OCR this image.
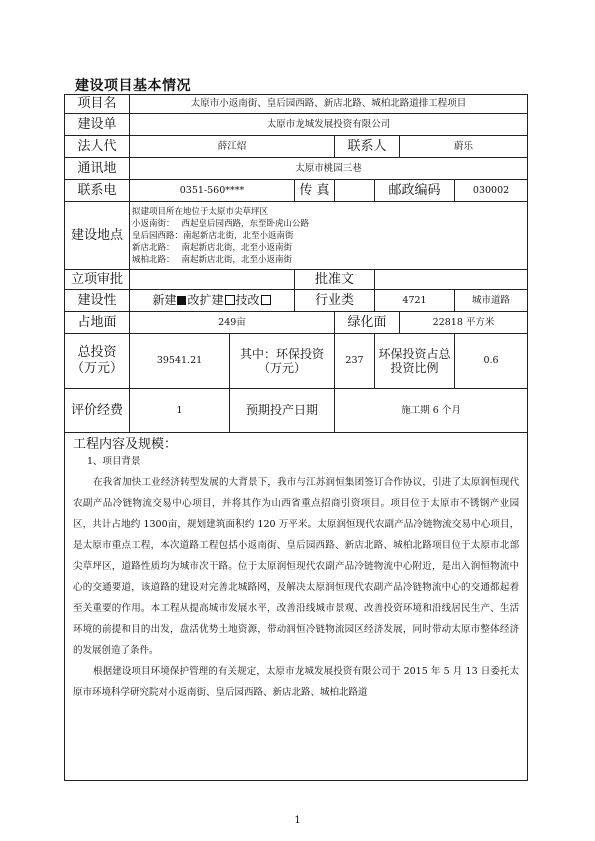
建设项目基本情况
项目名	太原市小返南街、皇后园西路、新店北路、城柏北路道排工程项目						
建设单	太原市龙城发展投资有限公司						
法人代	薛江炤			联系人		蔚乐	
通讯地	太原市桃园三巷						
联系电	0351-560****		传 真		邮政编码		030002
建设地点	拟建项目所在地位于太原市尖草坪区
小返南街：　 西起皇后园西路，东至卧虎山公路
皇后园西路：南起新店北街，北至小返南街
新店北路：　 南起新店北街，北至小返南街
城柏北路：　 南起新店北街，北至小返南街						

立项审批			批准文				
建设性	新建 改扩建 技改		行业类		4721		城市道路
占地面	249亩			绿化面		22818 平方米	
总投资（万元）	39541.21	其中：环保投资（万元）		237	环保投资占总投资比例		0.6
评价经费	1	预期投产日期		施工期 6 个月			

工程内容及规模：
1、项目背景

在我省加快工业经济转型发展的大背景下，我市与江苏润恒集团签订合作协议，引进了太原润恒现代农副产品冷链物流交易中心项目，并将其作为山西省重点招商引资项目。项目位于太原市不锈钢产业园区，共计占地约 1300亩，规划建筑面积约 120 万平米。太原润恒现代农副产品冷链物流交易中心项目，是太原市重点工程，本次道路工程包括小返南街、皇后园西路、新店北路、城柏北路项目位于太原市北部尖草坪区，道路性质均为城市次干路。位于太原润恒现代农副产品冷链物流中心附近，是出入润恒物流中心的交通要道，该道路的建设对完善北城路网，及解决太原润恒现代农副产品冷链物流中心的交通都起着至关重要的作用。本工程从提高城市发展水平，改善沿线城市景观、改善投资环境和沿线居民生产、生活环境的前提和目的出发，盘活优势土地资源，带动润恒冷链物流园区经济发展，同时带动太原市整体经济的发展创造了条件。

根据建设项目环境保护管理的有关规定，太原市龙城发展投资有限公司于 2015 年 5 月 13 日委托太原市环境科学研究院对小返南街、皇后园西路、新店北路、城柏北路道							

1
